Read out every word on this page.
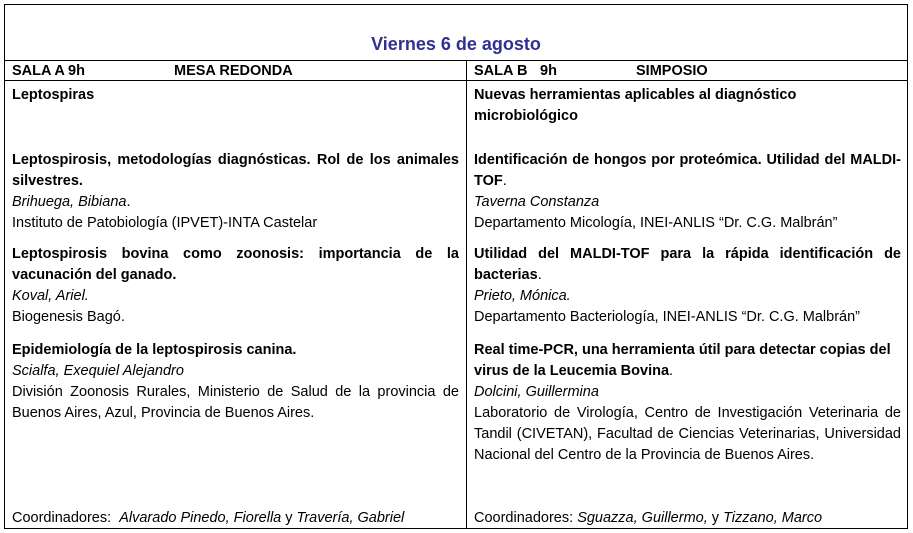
Viernes 6 de agosto
SALA A 9h	MESA REDONDA
Leptospiras
Leptospirosis, metodologías diagnósticas. Rol de los animales silvestres.
Brihuega, Bibiana.
Instituto de Patobiología (IPVET)-INTA Castelar
Leptospirosis bovina como zoonosis: importancia de la vacunación del ganado.
Koval, Ariel.
Biogenesis Bagó.
Epidemiología de la leptospirosis canina.
Scialfa, Exequiel Alejandro
División Zoonosis Rurales, Ministerio de Salud de la provincia de Buenos Aires, Azul, Provincia de Buenos Aires.
Coordinadores: Alvarado Pinedo, Fiorella y Travería, Gabriel
SALA B 9h	SIMPOSIO
Nuevas herramientas aplicables al diagnóstico microbiológico
Identificación de hongos por proteómica. Utilidad del MALDI-TOF.
Taverna Constanza
Departamento Micología, INEI-ANLIS “Dr. C.G. Malbrán”
Utilidad del MALDI-TOF para la rápida identificación de bacterias.
Prieto, Mónica.
Departamento Bacteriología, INEI-ANLIS “Dr. C.G. Malbrán”
Real time-PCR, una herramienta útil para detectar copias del virus de la Leucemia Bovina.
Dolcini, Guillermina
Laboratorio de Virología, Centro de Investigación Veterinaria de Tandil (CIVETAN), Facultad de Ciencias Veterinarias, Universidad Nacional del Centro de la Provincia de Buenos Aires.
Coordinadores: Sguazza, Guillermo, y Tizzano, Marco
